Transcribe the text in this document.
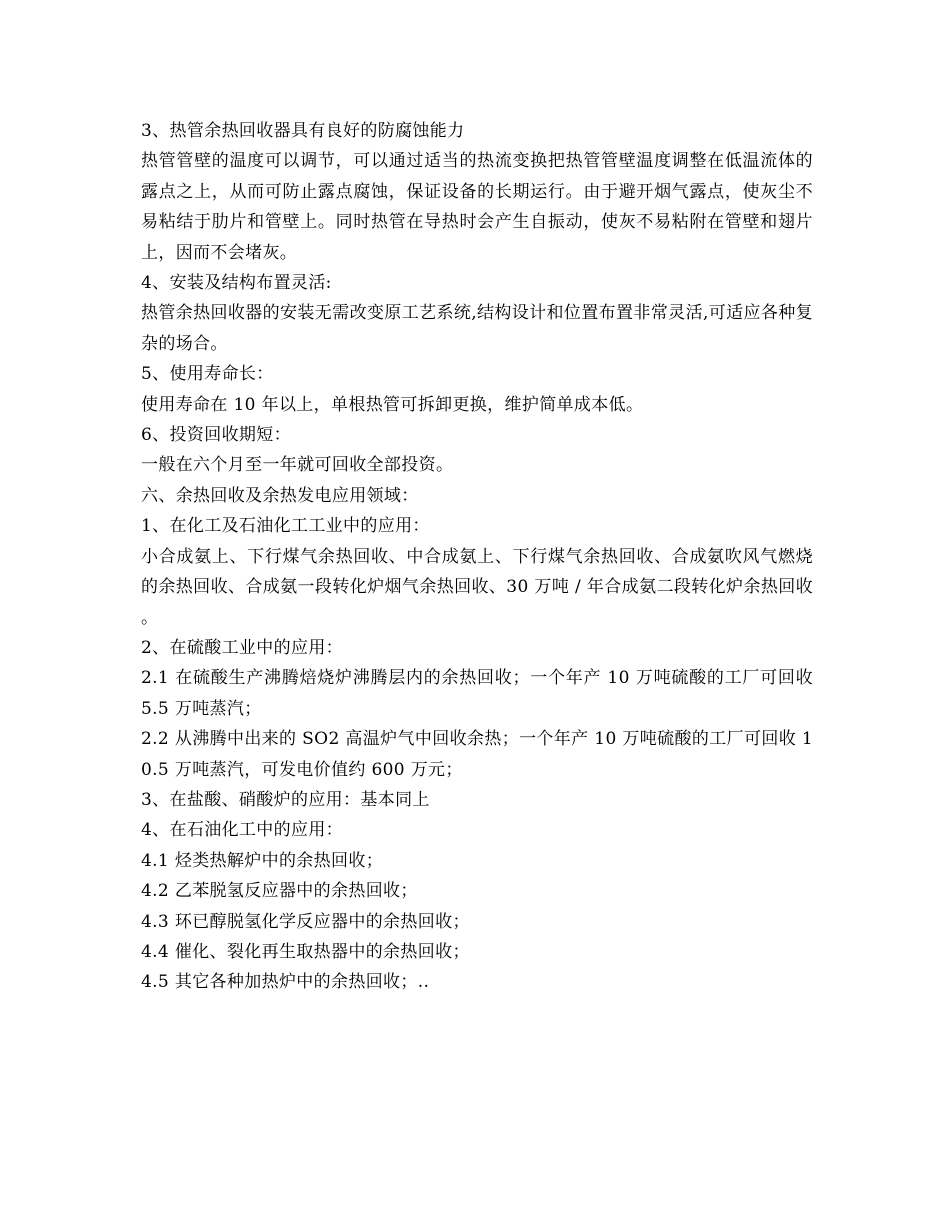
3、热管余热回收器具有良好的防腐蚀能力

热管管壁的温度可以调节，可以通过适当的热流变换把热管管壁温度调整在低温流体的露点之上，从而可防止露点腐蚀，保证设备的长期运行。由于避开烟气露点，使灰尘不易粘结于肋片和管壁上。同时热管在导热时会产生自振动，使灰不易粘附在管壁和翅片上，因而不会堵灰。

4、安装及结构布置灵活:

热管余热回收器的安装无需改变原工艺系统,结构设计和位置布置非常灵活,可适应各种复杂的场合。

5、使用寿命长：

使用寿命在 10 年以上，单根热管可拆卸更换，维护简单成本低。

6、投资回收期短：

一般在六个月至一年就可回收全部投资。

六、余热回收及余热发电应用领域：

1、在化工及石油化工工业中的应用：

小合成氨上、下行煤气余热回收、中合成氨上、下行煤气余热回收、合成氨吹风气燃烧的余热回收、合成氨一段转化炉烟气余热回收、30 万吨 / 年合成氨二段转化炉余热回收。

2、在硫酸工业中的应用：

2.1 在硫酸生产沸腾焙烧炉沸腾层内的余热回收；一个年产 10 万吨硫酸的工厂可回收 5.5 万吨蒸汽；

2.2 从沸腾中出来的 SO2 高温炉气中回收余热；一个年产 10 万吨硫酸的工厂可回收 10.5 万吨蒸汽，可发电价值约 600 万元；

3、在盐酸、硝酸炉的应用：基本同上

4、在石油化工中的应用：

4.1 烃类热解炉中的余热回收；

4.2 乙苯脱氢反应器中的余热回收；

4.3 环已醇脱氢化学反应器中的余热回收；

4.4 催化、裂化再生取热器中的余热回收；

4.5 其它各种加热炉中的余热回收；..
